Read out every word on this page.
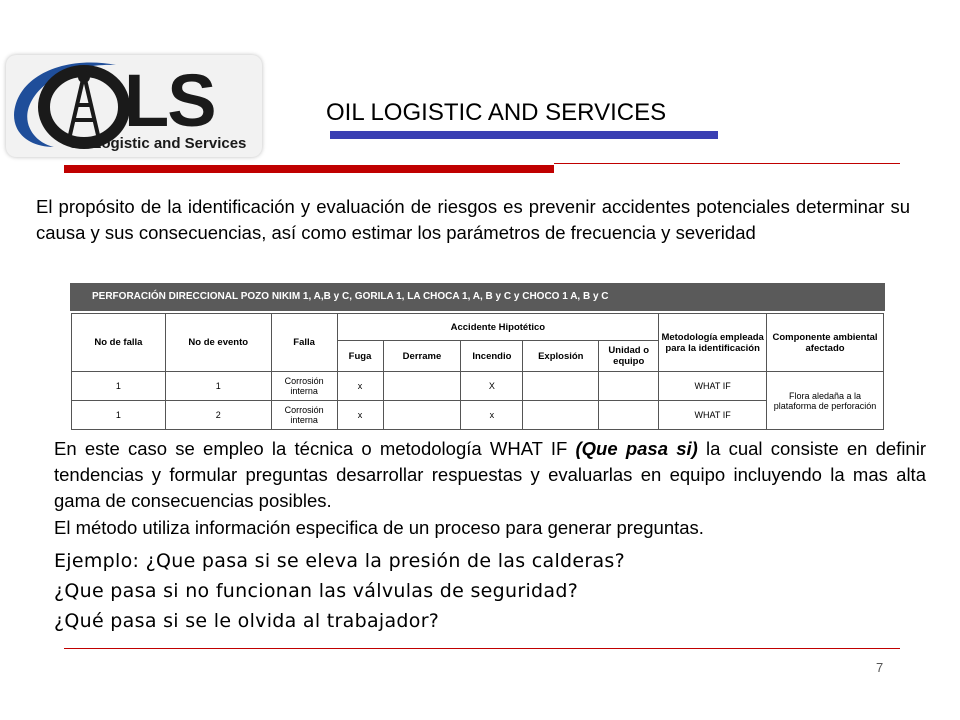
LS
Oil Logistic and Services
OIL LOGISTIC AND SERVICES
El propósito de la identificación y evaluación de riesgos es prevenir accidentes potenciales determinar su causa y sus consecuencias, así como estimar los parámetros de frecuencia y severidad
PERFORACIÓN DIRECCIONAL POZO NIKIM 1, A,B y C, GORILA 1, LA CHOCA 1, A, B y C y CHOCO 1 A, B y C
No de falla	No de evento	Falla	Accidente Hipotético					Metodología empleada para la identificación	Componente ambiental afectado
			Fuga	Derrame	Incendio	Explosión	Unidad o equipo		
1	1	Corrosión interna	x		X			WHAT IF	Flora aledaña a la plataforma de perforación
1	2	Corrosión interna	x		x			WHAT IF	
En este caso se empleo la técnica o metodología WHAT IF (Que pasa si) la cual consiste en definir tendencias y formular preguntas desarrollar respuestas y evaluarlas en equipo incluyendo la mas alta gama de consecuencias posibles.
El método utiliza información especifica de un proceso para generar preguntas.
Ejemplo: ¿Que pasa si se eleva la presión de las calderas?
¿Que pasa si no funcionan las válvulas de seguridad?
¿Qué pasa si se le olvida al trabajador?
7
